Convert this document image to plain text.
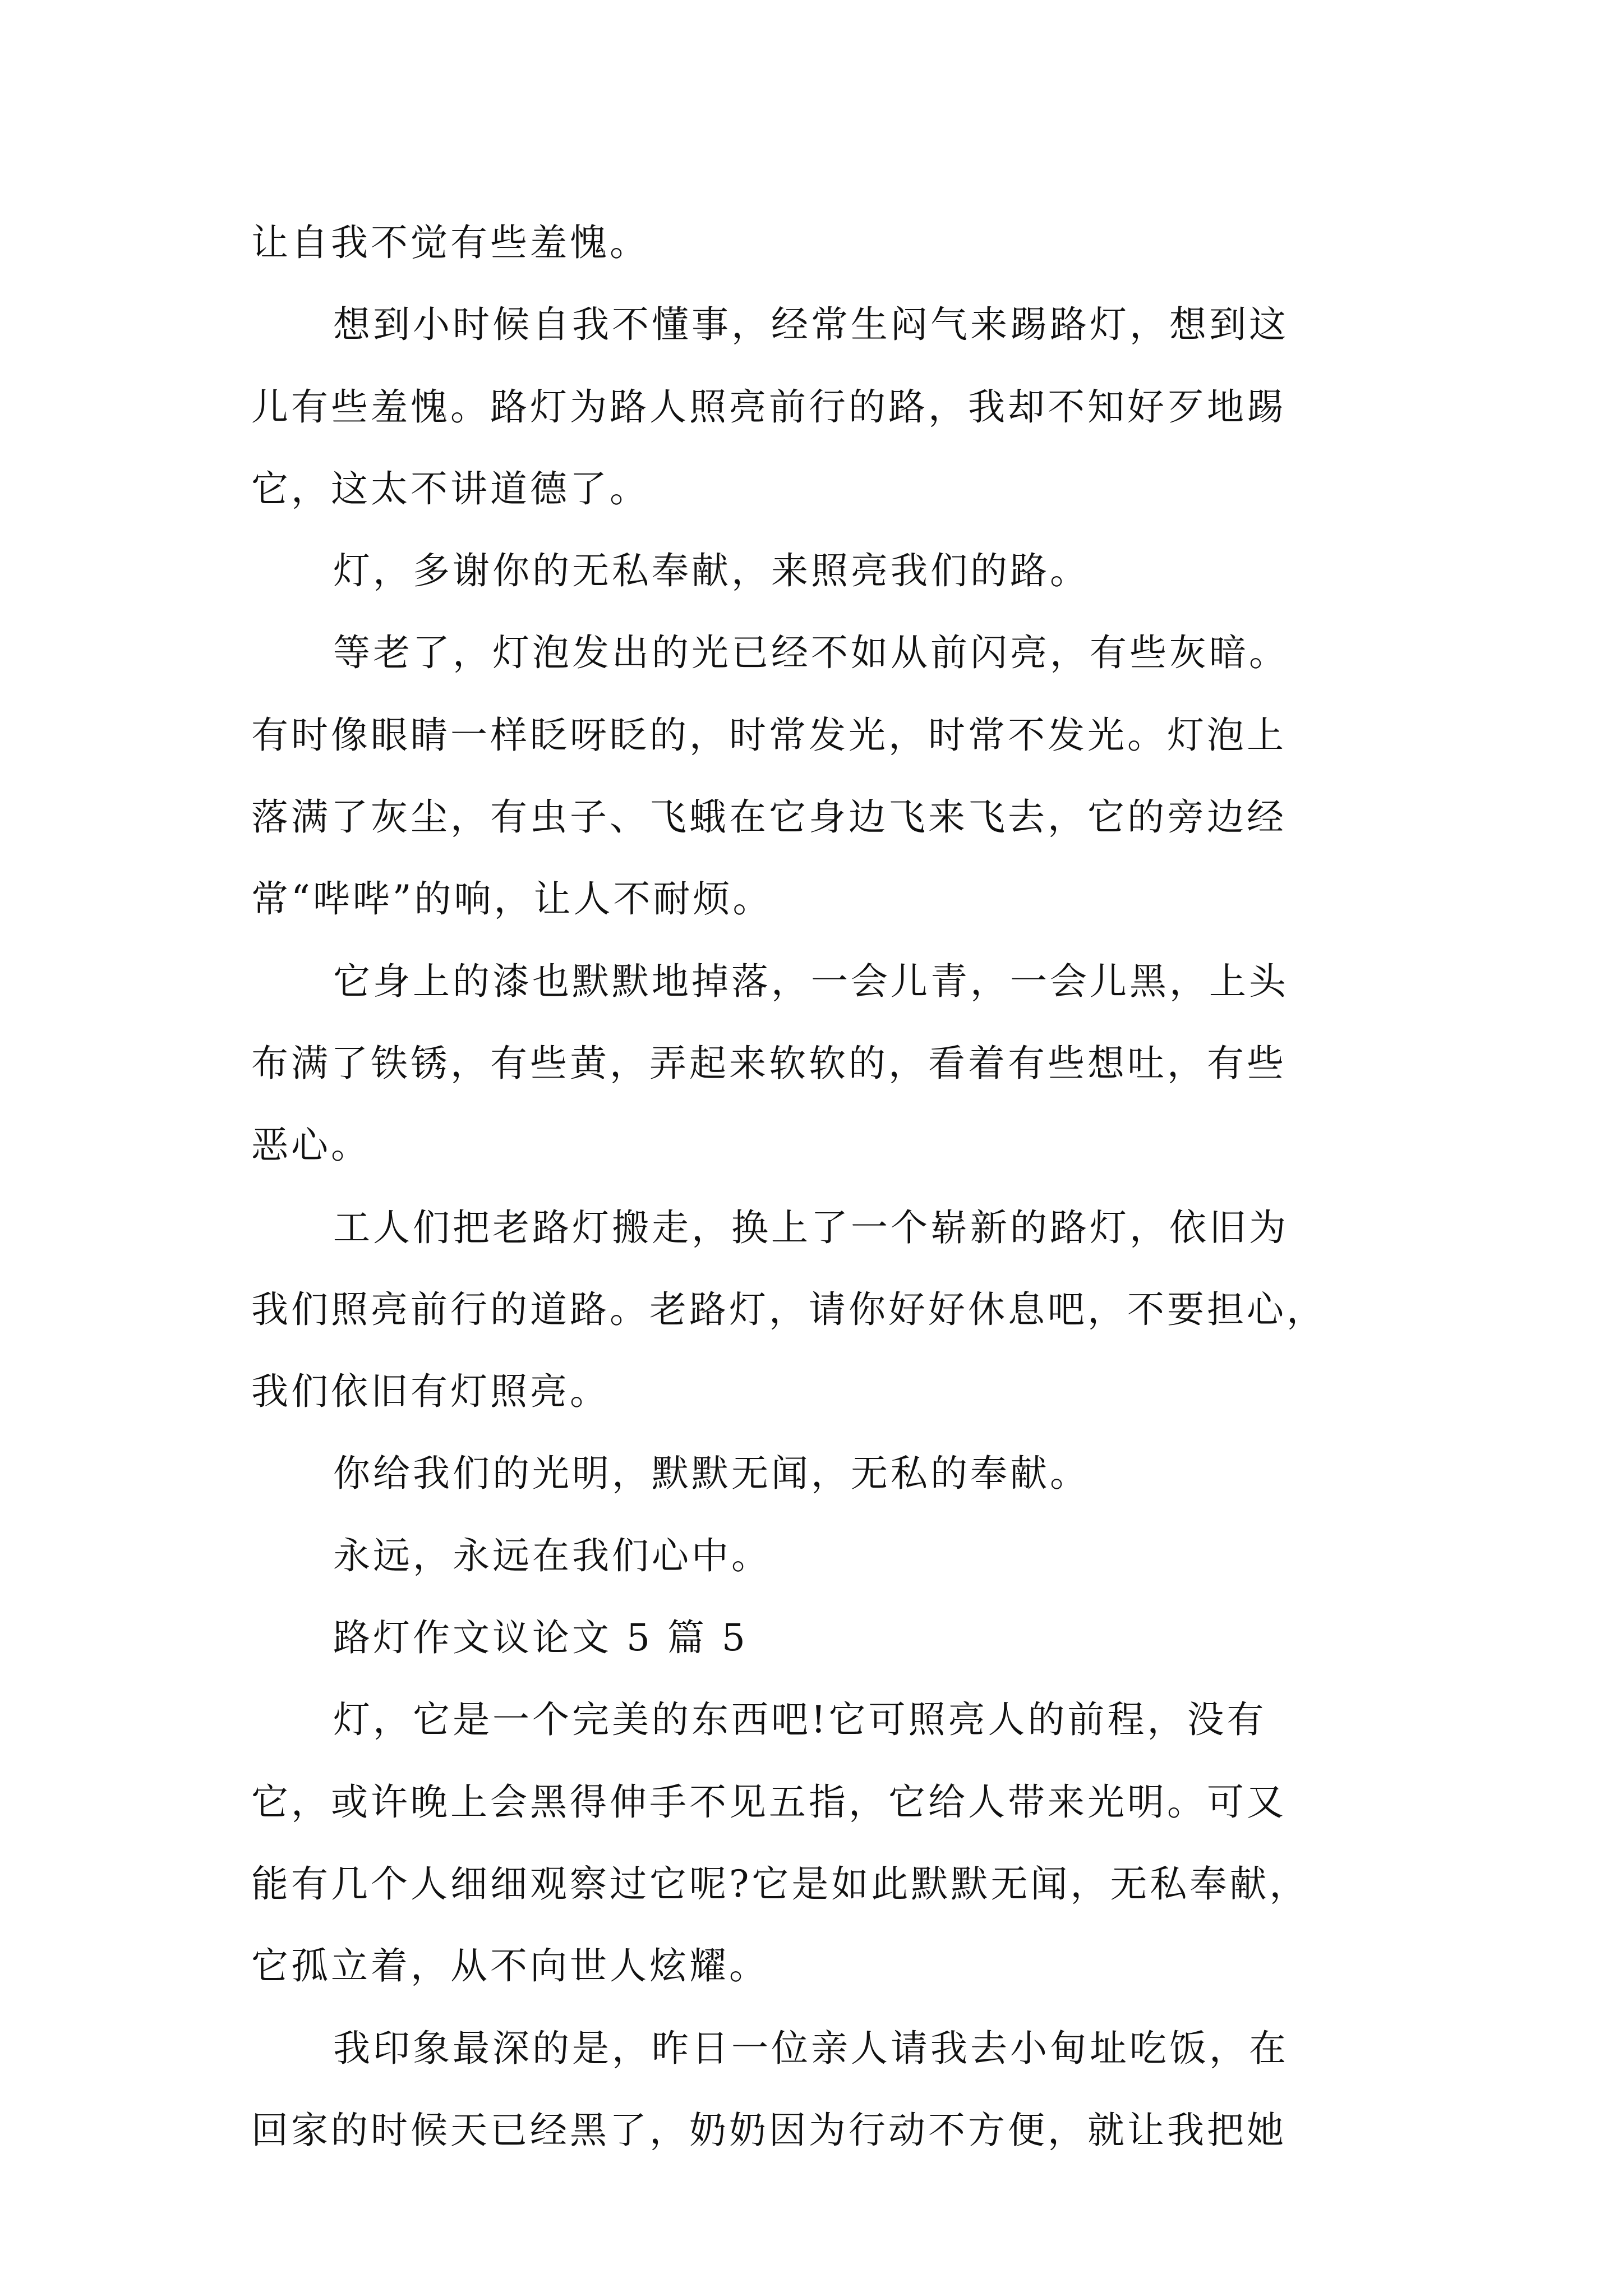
让自我不觉有些羞愧。
想到小时候自我不懂事，经常生闷气来踢路灯，想到这
儿有些羞愧。路灯为路人照亮前行的路，我却不知好歹地踢
它，这太不讲道德了。
灯，多谢你的无私奉献，来照亮我们的路。
等老了，灯泡发出的光已经不如从前闪亮，有些灰暗。
有时像眼睛一样眨呀眨的，时常发光，时常不发光。灯泡上
落满了灰尘，有虫子、飞蛾在它身边飞来飞去，它的旁边经
常“哔哔”的响，让人不耐烦。
它身上的漆也默默地掉落，一会儿青，一会儿黑，上头
布满了铁锈，有些黄，弄起来软软的，看着有些想吐，有些
恶心。
工人们把老路灯搬走，换上了一个崭新的路灯，依旧为
我们照亮前行的道路。老路灯，请你好好休息吧，不要担心，
我们依旧有灯照亮。
你给我们的光明，默默无闻，无私的奉献。
永远，永远在我们心中。
路灯作文议论文 5 篇 5
灯，它是一个完美的东西吧!它可照亮人的前程，没有
它，或许晚上会黑得伸手不见五指，它给人带来光明。可又
能有几个人细细观察过它呢?它是如此默默无闻，无私奉献，
它孤立着，从不向世人炫耀。
我印象最深的是，昨日一位亲人请我去小甸址吃饭，在
回家的时候天已经黑了，奶奶因为行动不方便，就让我把她
